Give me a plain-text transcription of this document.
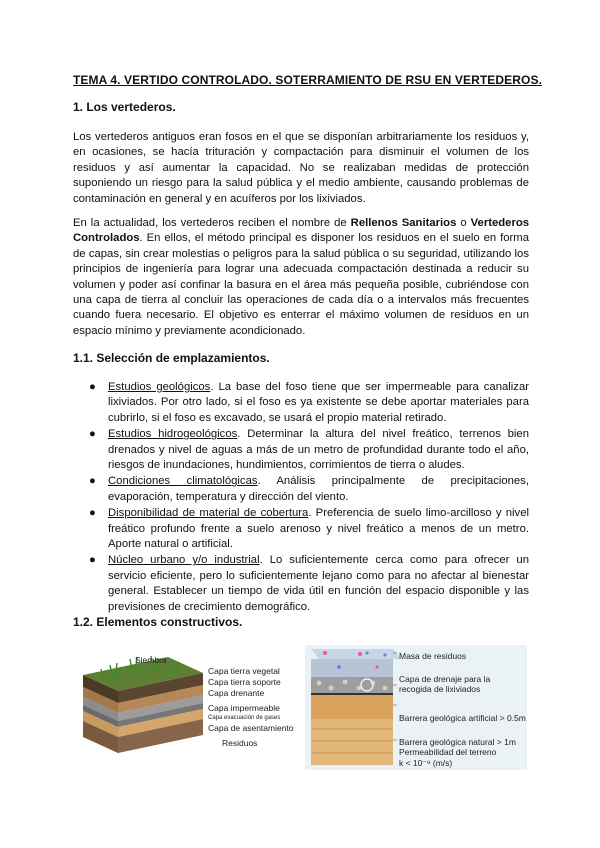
TEMA 4. VERTIDO CONTROLADO. SOTERRAMIENTO DE RSU EN VERTEDEROS.
1. Los vertederos.
Los vertederos antiguos eran fosos en el que se disponían arbitrariamente los residuos y, en ocasiones, se hacía trituración y compactación para disminuir el volumen de los residuos y así aumentar la capacidad. No se realizaban medidas de protección suponiendo un riesgo para la salud pública y el medio ambiente, causando problemas de contaminación en general y en acuíferos por los lixiviados.
En la actualidad, los vertederos reciben el nombre de Rellenos Sanitarios o Vertederos Controlados. En ellos, el método principal es disponer los residuos en el suelo en forma de capas, sin crear molestias o peligros para la salud pública o su seguridad, utilizando los principios de ingeniería para lograr una adecuada compactación destinada a reducir su volumen y poder así confinar la basura en el área más pequeña posible, cubriéndose con una capa de tierra al concluir las operaciones de cada día o a intervalos más frecuentes cuando fuera necesario. El objetivo es enterrar el máximo volumen de residuos en un espacio mínimo y previamente acondicionado.
1.1. Selección de emplazamientos.
● Estudios geológicos. La base del foso tiene que ser impermeable para canalizar lixiviados. Por otro lado, si el foso es ya existente se debe aportar materiales para cubrirlo, si el foso es excavado, se usará el propio material retirado.
● Estudios hidrogeológicos. Determinar la altura del nivel freático, terrenos bien drenados y nivel de aguas a más de un metro de profundidad durante todo el año, riesgos de inundaciones, hundimientos, corrimientos de tierra o aludes.
● Condiciones climatológicas. Análisis principalmente de precipitaciones, evaporación, temperatura y dirección del viento.
● Disponibilidad de material de cobertura. Preferencia de suelo limo-arcilloso y nivel freático profundo frente a suelo arenoso y nivel freático a menos de un metro. Aporte natural o artificial.
● Núcleo urbano y/o industrial. Lo suficientemente cerca como para ofrecer un servicio eficiente, pero lo suficientemente lejano como para no afectar al bienestar general. Establecer un tiempo de vida útil en función del espacio disponible y las previsiones de crecimiento demográfico.
1.2. Elementos constructivos.
Siembra
Capa tierra vegetal
Capa tierra soporte
Capa drenante
Capa impermeable
Capa evacuación de gases
Capa de asentamiento
Residuos
Masa de residuos
Capa de drenaje para la
recogida de lixiviados
Barrera geológica artificial > 0.5m
Barrera geológica natural > 1m
Permeabilidad del terreno
k < 10⁻⁹ (m/s)
